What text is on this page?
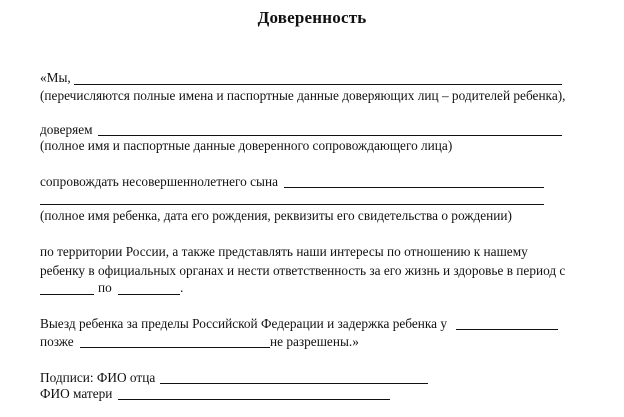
Доверенность
«Мы,
(перечисляются полные имена и паспортные данные доверяющих лиц – родителей ребенка),
доверяем
(полное имя и паспортные данные доверенного сопровождающего лица)
сопровождать несовершеннолетнего сына
(полное имя ребенка, дата его рождения, реквизиты его свидетельства о рождении)
по территории России, а также представлять наши интересы по отношению к нашему
ребенку в официальных органах и нести ответственность за его жизнь и здоровье в период с
по	.
Выезд ребенка за пределы Российской Федерации и задержка ребенка у
позже	не разрешены.»
Подписи: ФИО отца
ФИО матери
